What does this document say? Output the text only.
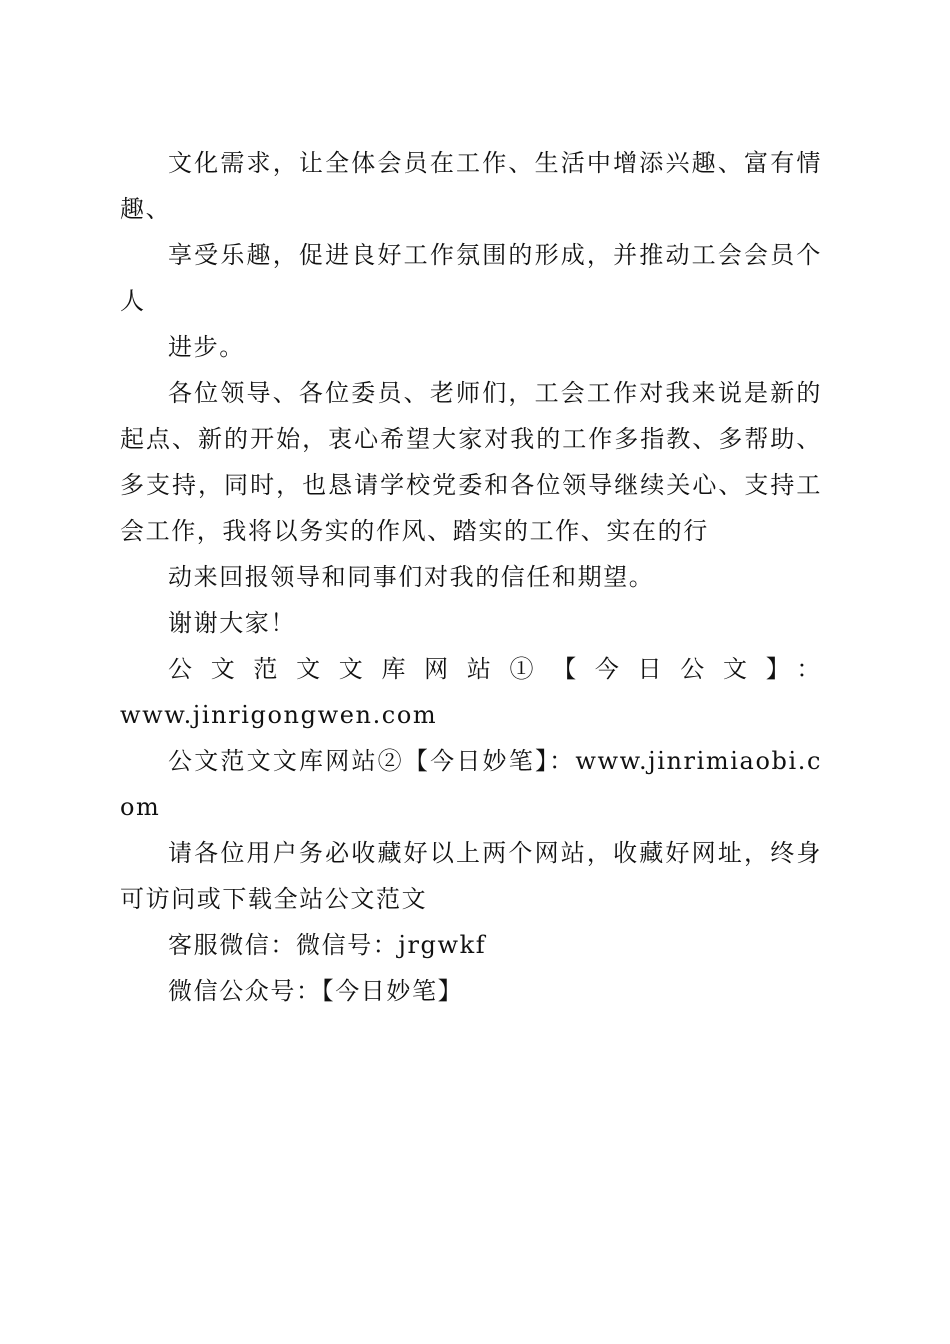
文化需求，让全体会员在工作、生活中增添兴趣、富有情趣、

享受乐趣，促进良好工作氛围的形成，并推动工会会员个人

进步。

各位领导、各位委员、老师们，工会工作对我来说是新的起点、新的开始，衷心希望大家对我的工作多指教、多帮助、多支持，同时，也恳请学校党委和各位领导继续关心、支持工会工作，我将以务实的作风、踏实的工作、实在的行

动来回报领导和同事们对我的信任和期望。

谢谢大家！

公文范文文库网站①【今日公文】：
www.jinrigongwen.com

公文范文文库网站②【今日妙笔】：www.jinrimiaobi.com

请各位用户务必收藏好以上两个网站，收藏好网址，终身可访问或下载全站公文范文

客服微信：微信号：jrgwkf

微信公众号：【今日妙笔】
